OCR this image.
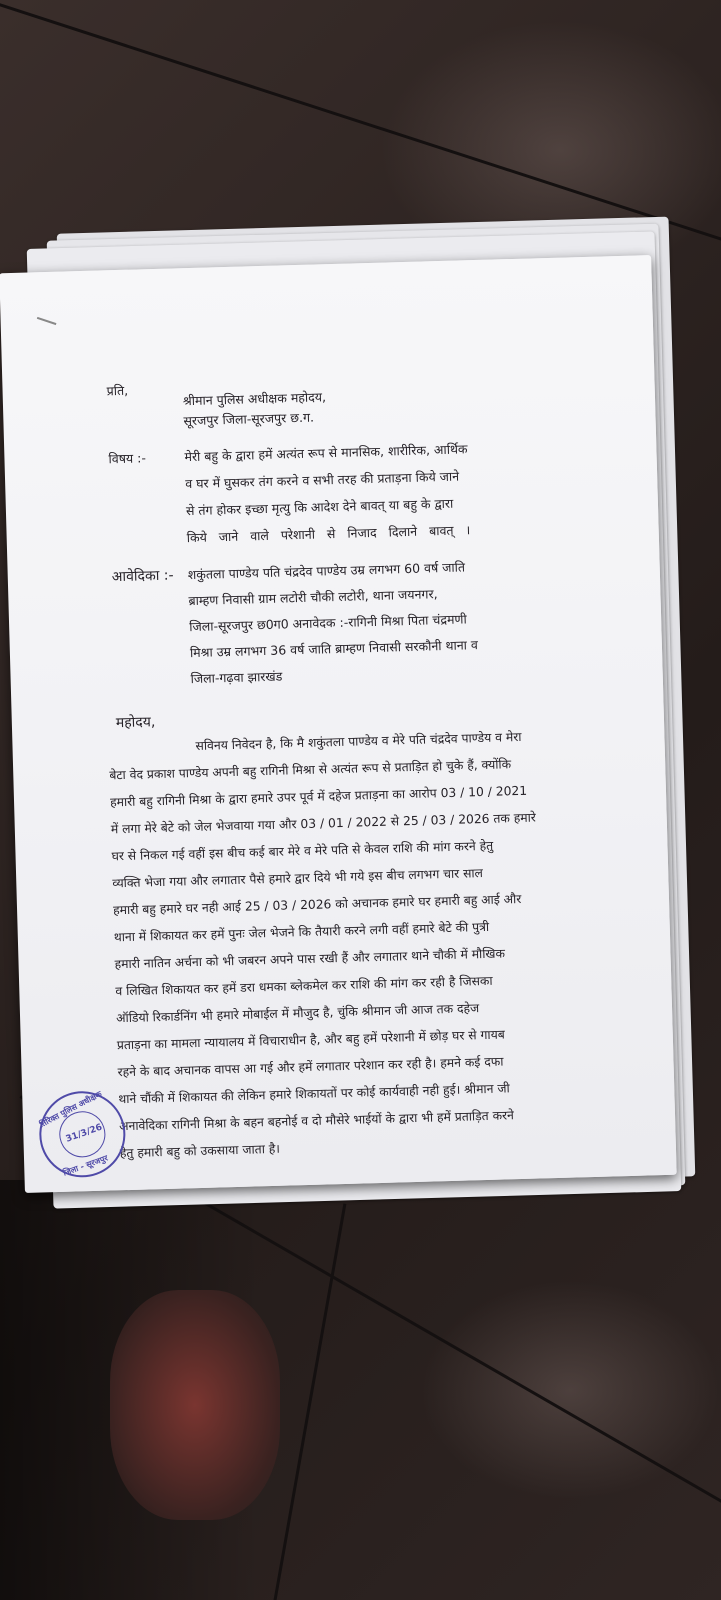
प्रति,	श्रीमान पुलिस अधीक्षक महोदय,
सूरजपुर जिला-सूरजपुर छ.ग.
विषय :-	मेरी बहु के द्वारा हमें अत्यंत रूप से मानसिक, शारीरिक, आर्थिक
व घर में घुसकर तंग करने व सभी तरह की प्रताड़ना किये जाने
से तंग होकर इच्छा मृत्यु कि आदेश देने बावत् या बहु के द्वारा
किये जाने वाले परेशानी से निजाद दिलाने बावत् ।
आवेदिका :- शकुंतला पाण्डेय पति चंद्रदेव पाण्डेय उम्र लगभग 60 वर्ष जाति
ब्राम्हण निवासी ग्राम लटोरी चौकी लटोरी, थाना जयनगर,
जिला-सूरजपुर छ0ग0 अनावेदक :-रागिनी मिश्रा पिता चंद्रमणी
मिश्रा उम्र लगभग 36 वर्ष जाति ब्राम्हण निवासी सरकौनी थाना व
जिला-गढ़वा झारखंड
महोदय,
सविनय निवेदन है, कि मै शकुंतला पाण्डेय व मेरे पति चंद्रदेव पाण्डेय व मेरा
बेटा वेद प्रकाश पाण्डेय अपनी बहु रागिनी मिश्रा से अत्यंत रूप से प्रताड़ित हो चुके हैं, क्योंकि
हमारी बहु रागिनी मिश्रा के द्वारा हमारे उपर पूर्व में दहेज प्रताड़ना का आरोप 03 / 10 / 2021
में लगा मेरे बेटे को जेल भेजवाया गया और 03 / 01 / 2022 से 25 / 03 / 2026 तक हमारे
घर से निकल गई वहीं इस बीच कई बार मेरे व मेरे पति से केवल राशि की मांग करने हेतु
व्यक्ति भेजा गया और लगातार पैसे हमारे द्वार दिये भी गये इस बीच लगभग चार साल
हमारी बहु हमारे घर नही आई 25 / 03 / 2026 को अचानक हमारे घर हमारी बहु आई और
थाना में शिकायत कर हमें पुनः जेल भेजने कि तैयारी करने लगी वहीं हमारे बेटे की पुत्री
हमारी नातिन अर्चना को भी जबरन अपने पास रखी हैं और लगातार थाने चौकी में मौखिक
व लिखित शिकायत कर हमें डरा धमका ब्लेकमेल कर राशि की मांग कर रही है जिसका
ऑडियो रिकार्डनिंग भी हमारे मोबाईल में मौजुद है, चुंकि श्रीमान जी आज तक दहेज
प्रताड़ना का मामला न्यायालय में विचाराधीन है, और बहु हमें परेशानी में छोड़ घर से गायब
रहने के बाद अचानक वापस आ गई और हमें लगातार परेशान कर रही है। हमने कई दफा
थाने चौंकी में शिकायत की लेकिन हमारे शिकायतों पर कोई कार्यवाही नही हुई। श्रीमान जी
अनावेदिका रागिनी मिश्रा के बहन बहनोई व दो मौसेरे भाईयों के द्वारा भी हमें प्रताड़ित करने
हेतु हमारी बहु को उकसाया जाता है।
तिरिक्त पुलिस अधीक्षक
31/3/26
जिला - सूरजपुर
